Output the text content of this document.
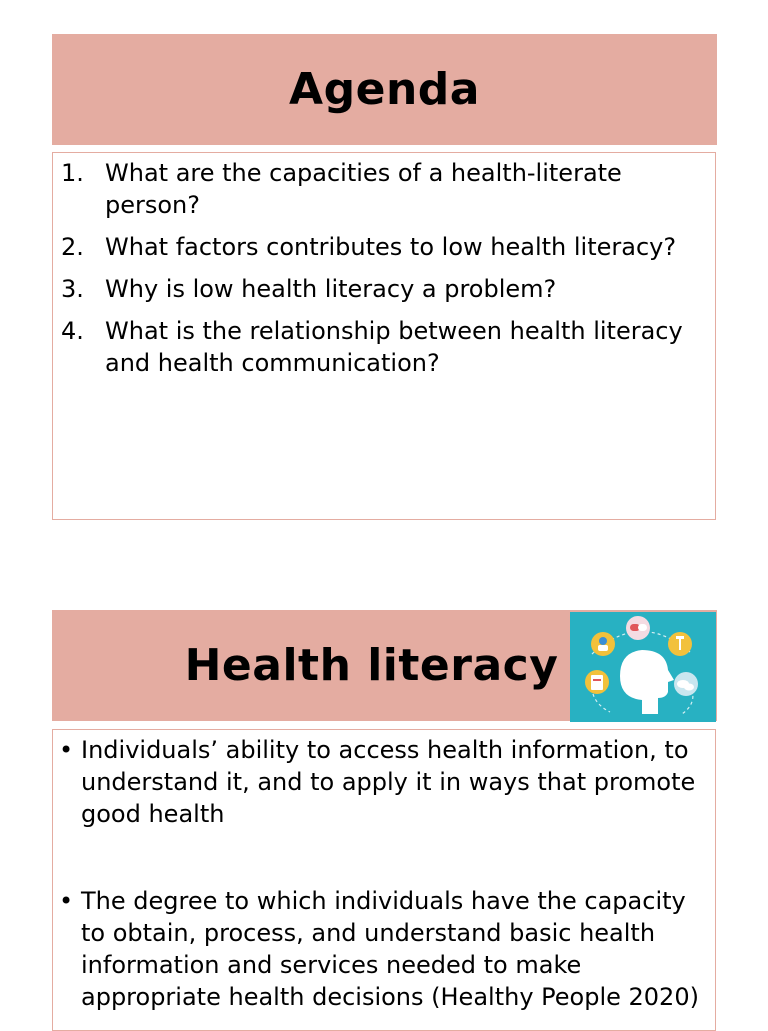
Agenda
1. What are the capacities of a health-literate person?
2. What factors contributes to low health literacy?
3. Why is low health literacy a problem?
4. What is the relationship between health literacy and health communication?
Health literacy
• Individuals’ ability to access health information, to understand it, and to apply it in ways that promote good health
• The degree to which individuals have the capacity to obtain, process, and understand basic health information and services needed to make appropriate health decisions (Healthy People 2020)
